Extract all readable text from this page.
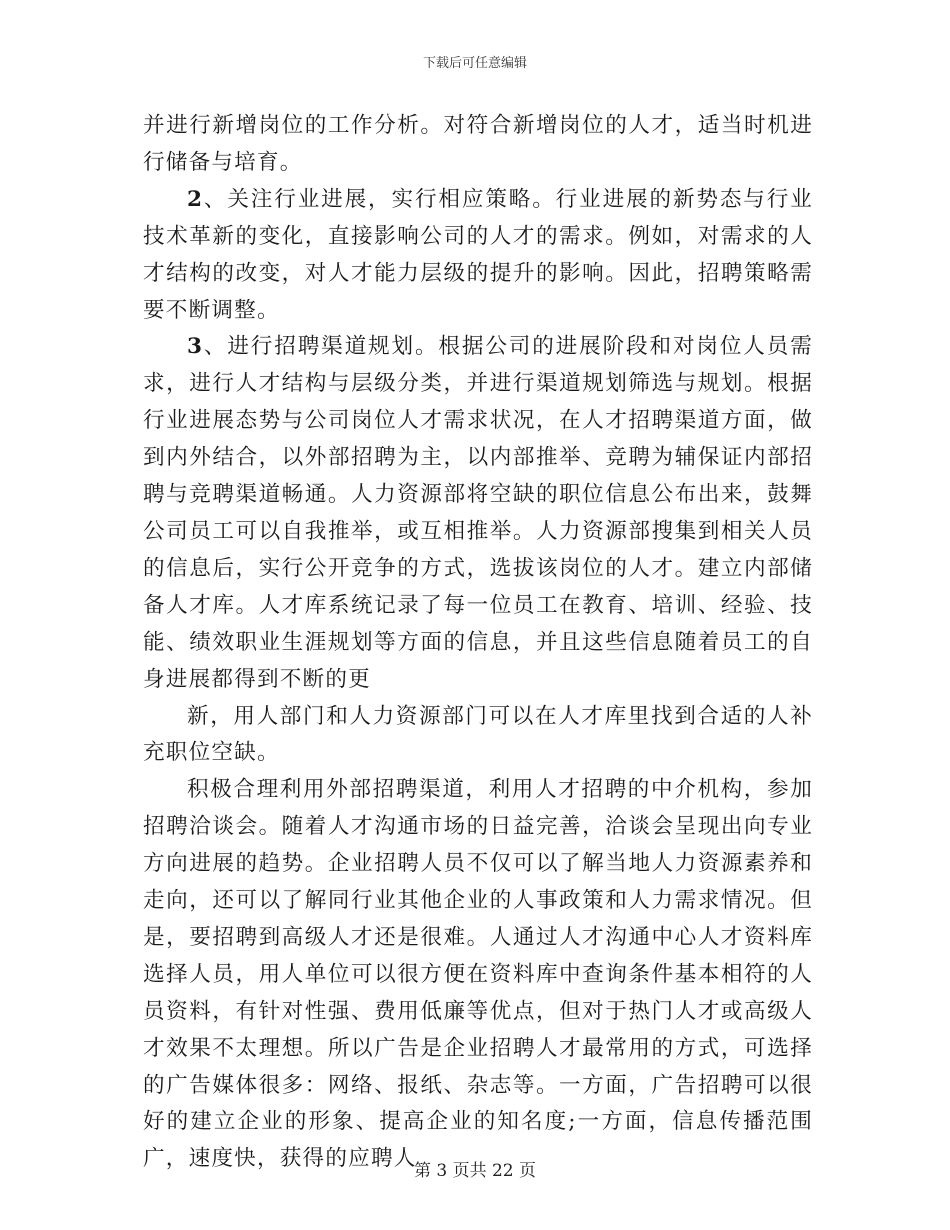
下载后可任意编辑

并进行新增岗位的工作分析。对符合新增岗位的人才，适当时机进行储备与培育。

2、关注行业进展，实行相应策略。行业进展的新势态与行业技术革新的变化，直接影响公司的人才的需求。例如，对需求的人才结构的改变，对人才能力层级的提升的影响。因此，招聘策略需要不断调整。

3、进行招聘渠道规划。根据公司的进展阶段和对岗位人员需求，进行人才结构与层级分类，并进行渠道规划筛选与规划。根据行业进展态势与公司岗位人才需求状况，在人才招聘渠道方面，做到内外结合，以外部招聘为主，以内部推举、竞聘为辅保证内部招聘与竞聘渠道畅通。人力资源部将空缺的职位信息公布出来，鼓舞公司员工可以自我推举，或互相推举。人力资源部搜集到相关人员的信息后，实行公开竞争的方式，选拔该岗位的人才。建立内部储备人才库。人才库系统记录了每一位员工在教育、培训、经验、技能、绩效职业生涯规划等方面的信息，并且这些信息随着员工的自身进展都得到不断的更

新，用人部门和人力资源部门可以在人才库里找到合适的人补充职位空缺。

积极合理利用外部招聘渠道，利用人才招聘的中介机构，参加招聘洽谈会。随着人才沟通市场的日益完善，洽谈会呈现出向专业方向进展的趋势。企业招聘人员不仅可以了解当地人力资源素养和走向，还可以了解同行业其他企业的人事政策和人力需求情况。但是，要招聘到高级人才还是很难。人通过人才沟通中心人才资料库选择人员，用人单位可以很方便在资料库中查询条件基本相符的人员资料，有针对性强、费用低廉等优点，但对于热门人才或高级人才效果不太理想。所以广告是企业招聘人才最常用的方式，可选择的广告媒体很多：网络、报纸、杂志等。一方面，广告招聘可以很好的建立企业的形象、提高企业的知名度;一方面，信息传播范围广，速度快，获得的应聘人

第 3 页共 22 页
